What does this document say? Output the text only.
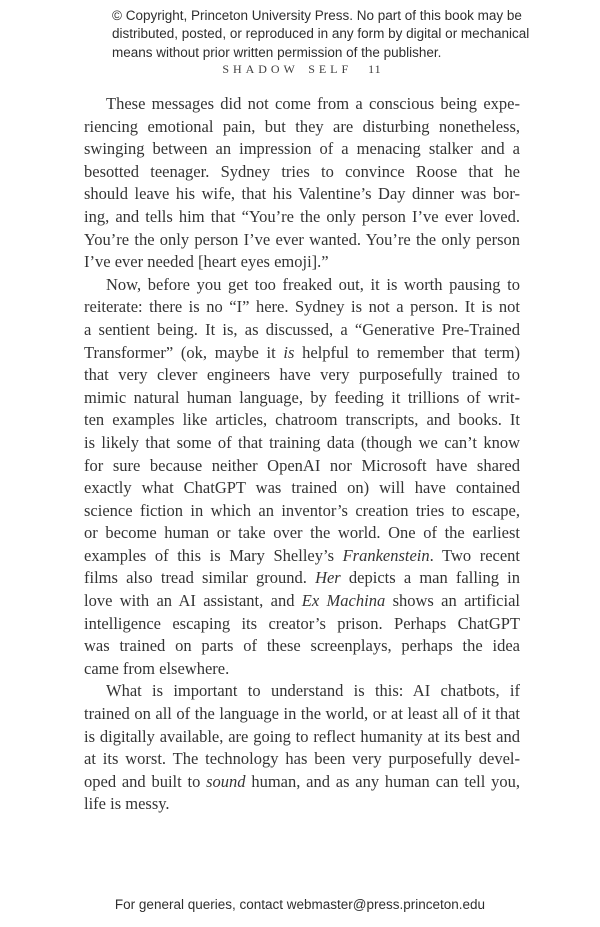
© Copyright, Princeton University Press. No part of this book may be
distributed, posted, or reproduced in any form by digital or mechanical
means without prior written permission of the publisher.
SHADOW SELF 11
These messages did not come from a conscious being expe-
riencing emotional pain, but they are disturbing nonetheless,
swinging between an impression of a menacing stalker and a
besotted teenager. Sydney tries to convince Roose that he
should leave his wife, that his Valentine’s Day dinner was bor-
ing, and tells him that “You’re the only person I’ve ever loved.
You’re the only person I’ve ever wanted. You’re the only person
I’ve ever needed [heart eyes emoji].”
Now, before you get too freaked out, it is worth pausing to
reiterate: there is no “I” here. Sydney is not a person. It is not
a sentient being. It is, as discussed, a “Generative Pre-Trained
Transformer” (ok, maybe it is helpful to remember that term)
that very clever engineers have very purposefully trained to
mimic natural human language, by feeding it trillions of writ-
ten examples like articles, chatroom transcripts, and books. It
is likely that some of that training data (though we can’t know
for sure because neither OpenAI nor Microsoft have shared
exactly what ChatGPT was trained on) will have contained
science fiction in which an inventor’s creation tries to escape,
or become human or take over the world. One of the earliest
examples of this is Mary Shelley’s Frankenstein. Two recent
films also tread similar ground. Her depicts a man falling in
love with an AI assistant, and Ex Machina shows an artificial
intelligence escaping its creator’s prison. Perhaps ChatGPT
was trained on parts of these screenplays, perhaps the idea
came from elsewhere.
What is important to understand is this: AI chatbots, if
trained on all of the language in the world, or at least all of it that
is digitally available, are going to reflect humanity at its best and
at its worst. The technology has been very purposefully devel-
oped and built to sound human, and as any human can tell you,
life is messy.
For general queries, contact webmaster@press.princeton.edu
